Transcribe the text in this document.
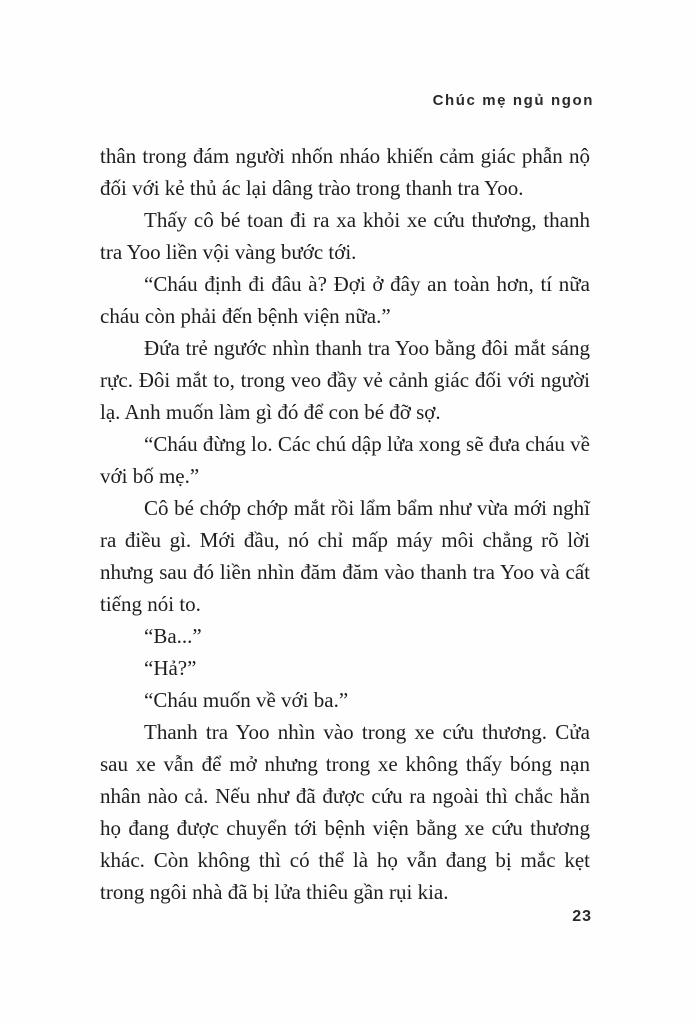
Chúc mẹ ngủ ngon

thân trong đám người nhốn nháo khiến cảm giác phẫn nộ đối với kẻ thủ ác lại dâng trào trong thanh tra Yoo.

Thấy cô bé toan đi ra xa khỏi xe cứu thương, thanh tra Yoo liền vội vàng bước tới.

“Cháu định đi đâu à? Đợi ở đây an toàn hơn, tí nữa cháu còn phải đến bệnh viện nữa.”

Đứa trẻ ngước nhìn thanh tra Yoo bằng đôi mắt sáng rực. Đôi mắt to, trong veo đầy vẻ cảnh giác đối với người lạ. Anh muốn làm gì đó để con bé đỡ sợ.

“Cháu đừng lo. Các chú dập lửa xong sẽ đưa cháu về với bố mẹ.”

Cô bé chớp chớp mắt rồi lẩm bẩm như vừa mới nghĩ ra điều gì. Mới đầu, nó chỉ mấp máy môi chẳng rõ lời nhưng sau đó liền nhìn đăm đăm vào thanh tra Yoo và cất tiếng nói to.

“Ba...”

“Hả?”

“Cháu muốn về với ba.”

Thanh tra Yoo nhìn vào trong xe cứu thương. Cửa sau xe vẫn để mở nhưng trong xe không thấy bóng nạn nhân nào cả. Nếu như đã được cứu ra ngoài thì chắc hẳn họ đang được chuyển tới bệnh viện bằng xe cứu thương khác. Còn không thì có thể là họ vẫn đang bị mắc kẹt trong ngôi nhà đã bị lửa thiêu gần rụi kia.

23
